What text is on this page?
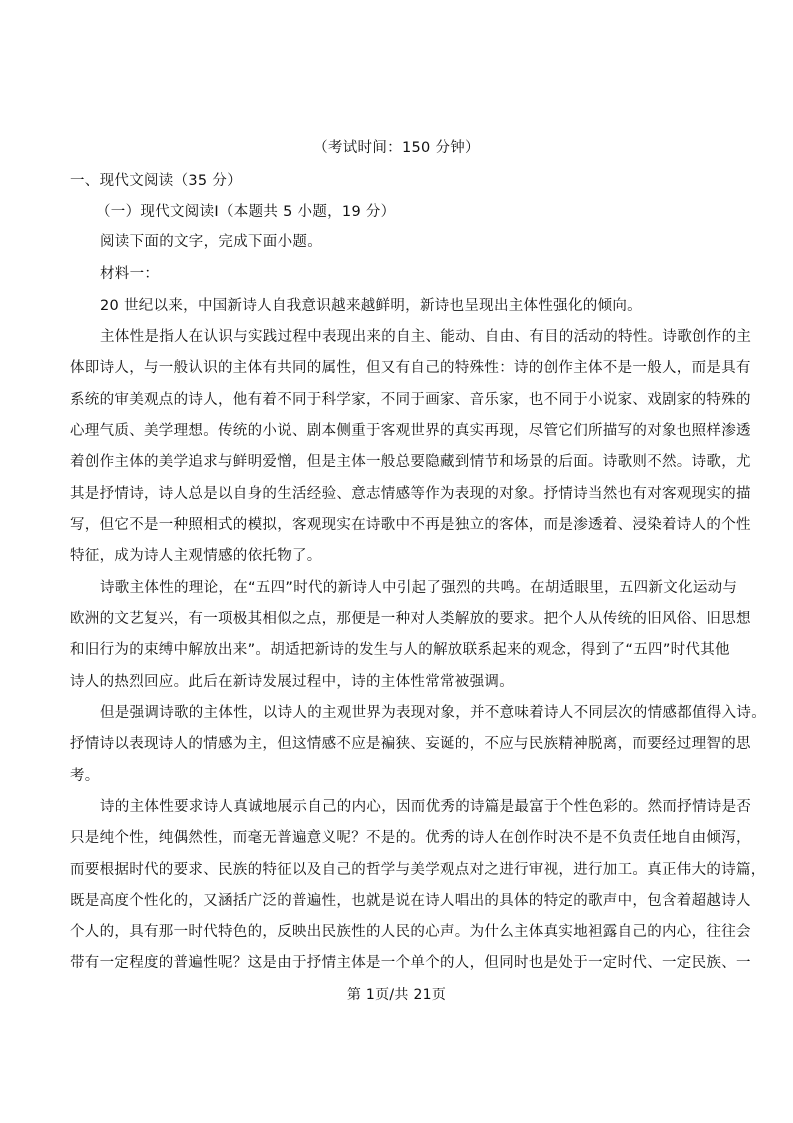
（考试时间：150 分钟）
一、现代文阅读（35 分）
（一）现代文阅读Ⅰ（本题共 5 小题，19 分）
阅读下面的文字，完成下面小题。
材料一：
20 世纪以来，中国新诗人自我意识越来越鲜明，新诗也呈现出主体性强化的倾向。
主体性是指人在认识与实践过程中表现出来的自主、能动、自由、有目的活动的特性。诗歌创作的主
体即诗人，与一般认识的主体有共同的属性，但又有自己的特殊性：诗的创作主体不是一般人，而是具有
系统的审美观点的诗人，他有着不同于科学家，不同于画家、音乐家，也不同于小说家、戏剧家的特殊的
心理气质、美学理想。传统的小说、剧本侧重于客观世界的真实再现，尽管它们所描写的对象也照样渗透
着创作主体的美学追求与鲜明爱憎，但是主体一般总要隐藏到情节和场景的后面。诗歌则不然。诗歌，尤
其是抒情诗，诗人总是以自身的生活经验、意志情感等作为表现的对象。抒情诗当然也有对客观现实的描
写，但它不是一种照相式的模拟，客观现实在诗歌中不再是独立的客体，而是渗透着、浸染着诗人的个性
特征，成为诗人主观情感的依托物了。
诗歌主体性的理论，在“五四”时代的新诗人中引起了强烈的共鸣。在胡适眼里，五四新文化运动与
欧洲的文艺复兴，有一项极其相似之点，那便是一种对人类解放的要求。把个人从传统的旧风俗、旧思想
和旧行为的束缚中解放出来”。胡适把新诗的发生与人的解放联系起来的观念，得到了“五四”时代其他
诗人的热烈回应。此后在新诗发展过程中，诗的主体性常常被强调。
但是强调诗歌的主体性，以诗人的主观世界为表现对象，并不意味着诗人不同层次的情感都值得入诗。
抒情诗以表现诗人的情感为主，但这情感不应是褊狭、妄诞的，不应与民族精神脱离，而要经过理智的思
考。
诗的主体性要求诗人真诚地展示自己的内心，因而优秀的诗篇是最富于个性色彩的。然而抒情诗是否
只是纯个性，纯偶然性，而毫无普遍意义呢？不是的。优秀的诗人在创作时决不是不负责任地自由倾泻，
而要根据时代的要求、民族的特征以及自己的哲学与美学观点对之进行审视，进行加工。真正伟大的诗篇，
既是高度个性化的，又涵括广泛的普遍性，也就是说在诗人唱出的具体的特定的歌声中，包含着超越诗人
个人的，具有那一时代特色的，反映出民族性的人民的心声。为什么主体真实地袒露自己的内心，往往会
带有一定程度的普遍性呢？这是由于抒情主体是一个单个的人，但同时也是处于一定时代、一定民族、一
第 1页/共 21页
